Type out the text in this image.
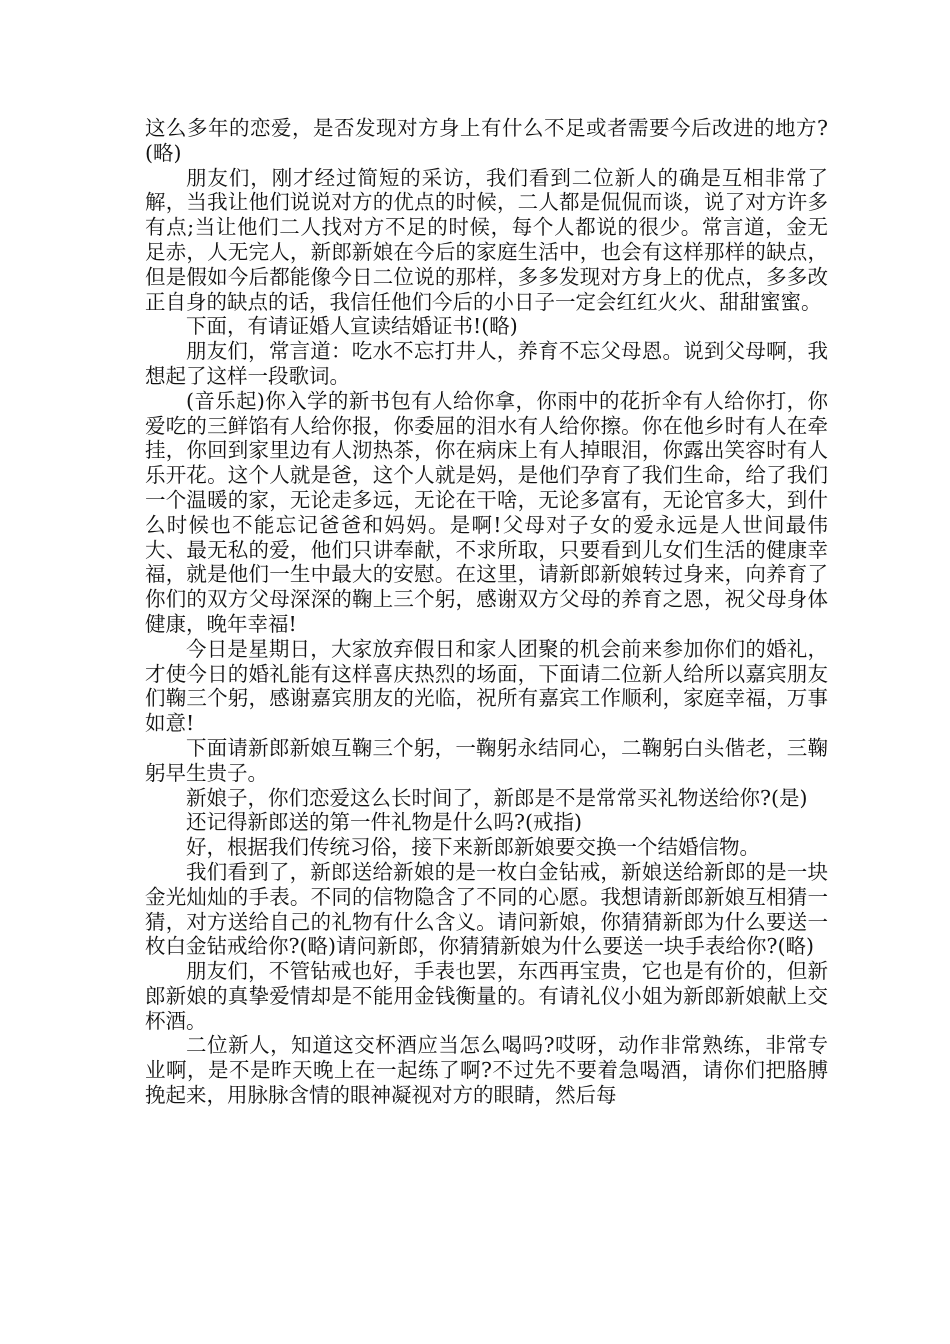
这么多年的恋爱，是否发现对方身上有什么不足或者需要今后改进的地方?(略)

朋友们，刚才经过简短的采访，我们看到二位新人的确是互相非常了解，当我让他们说说对方的优点的时候，二人都是侃侃而谈，说了对方许多有点;当让他们二人找对方不足的时候，每个人都说的很少。常言道，金无足赤，人无完人，新郎新娘在今后的家庭生活中，也会有这样那样的缺点，但是假如今后都能像今日二位说的那样，多多发现对方身上的优点，多多改正自身的缺点的话，我信任他们今后的小日子一定会红红火火、甜甜蜜蜜。

下面，有请证婚人宣读结婚证书!(略)

朋友们，常言道：吃水不忘打井人，养育不忘父母恩。说到父母啊，我想起了这样一段歌词。

(音乐起)你入学的新书包有人给你拿，你雨中的花折伞有人给你打，你爱吃的三鲜馅有人给你报，你委屈的泪水有人给你擦。你在他乡时有人在牵挂，你回到家里边有人沏热茶，你在病床上有人掉眼泪，你露出笑容时有人乐开花。这个人就是爸，这个人就是妈，是他们孕育了我们生命，给了我们一个温暖的家，无论走多远，无论在干啥，无论多富有，无论官多大，到什么时候也不能忘记爸爸和妈妈。是啊!父母对子女的爱永远是人世间最伟大、最无私的爱，他们只讲奉献，不求所取，只要看到儿女们生活的健康幸福，就是他们一生中最大的安慰。在这里，请新郎新娘转过身来，向养育了你们的双方父母深深的鞠上三个躬，感谢双方父母的养育之恩，祝父母身体健康，晚年幸福!

今日是星期日，大家放弃假日和家人团聚的机会前来参加你们的婚礼，才使今日的婚礼能有这样喜庆热烈的场面，下面请二位新人给所以嘉宾朋友们鞠三个躬，感谢嘉宾朋友的光临，祝所有嘉宾工作顺利，家庭幸福，万事如意!

下面请新郎新娘互鞠三个躬，一鞠躬永结同心，二鞠躬白头偕老，三鞠躬早生贵子。

新娘子，你们恋爱这么长时间了，新郎是不是常常买礼物送给你?(是)

还记得新郎送的第一件礼物是什么吗?(戒指)

好，根据我们传统习俗，接下来新郎新娘要交换一个结婚信物。

我们看到了，新郎送给新娘的是一枚白金钻戒，新娘送给新郎的是一块金光灿灿的手表。不同的信物隐含了不同的心愿。我想请新郎新娘互相猜一猜，对方送给自己的礼物有什么含义。请问新娘，你猜猜新郎为什么要送一枚白金钻戒给你?(略)请问新郎，你猜猜新娘为什么要送一块手表给你?(略)

朋友们，不管钻戒也好，手表也罢，东西再宝贵，它也是有价的，但新郎新娘的真挚爱情却是不能用金钱衡量的。有请礼仪小姐为新郎新娘献上交杯酒。

二位新人，知道这交杯酒应当怎么喝吗?哎呀，动作非常熟练，非常专业啊，是不是昨天晚上在一起练了啊?不过先不要着急喝酒，请你们把胳膊挽起来，用脉脉含情的眼神凝视对方的眼睛，然后每
